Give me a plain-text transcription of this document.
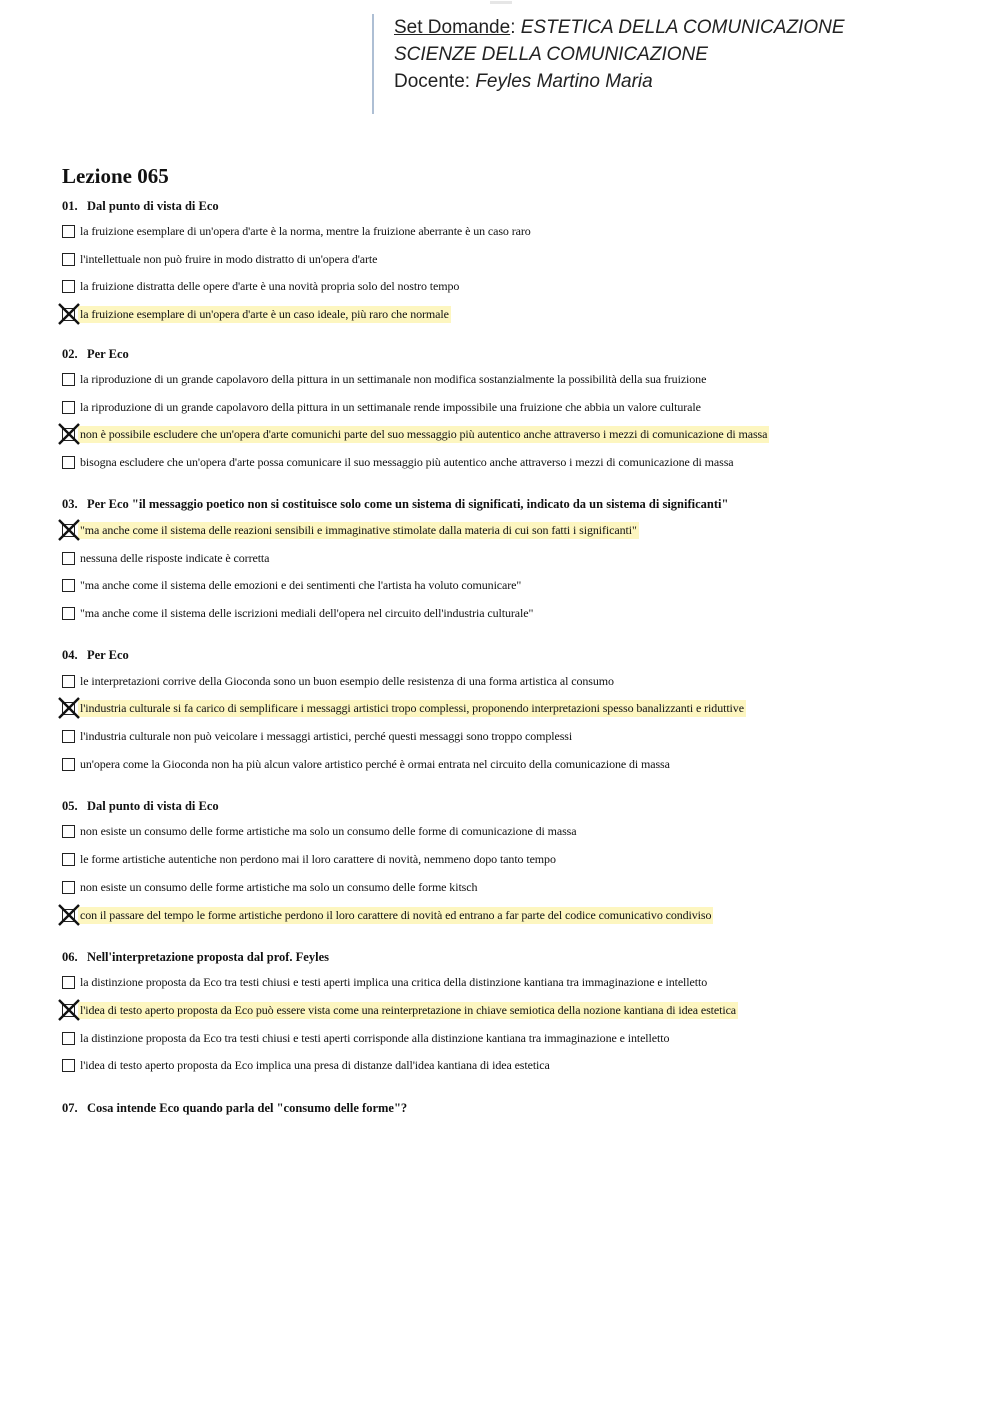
Set Domande: ESTETICA DELLA COMUNICAZIONE
SCIENZE DELLA COMUNICAZIONE
Docente: Feyles Martino Maria
Lezione 065
01. Dal punto di vista di Eco
la fruizione esemplare di un'opera d'arte è la norma, mentre la fruizione aberrante è un caso raro
l'intellettuale non può fruire in modo distratto di un'opera d'arte
la fruizione distratta delle opere d'arte è una novità propria solo del nostro tempo
la fruizione esemplare di un'opera d'arte è un caso ideale, più raro che normale
02. Per Eco
la riproduzione di un grande capolavoro della pittura in un settimanale non modifica sostanzialmente la possibilità della sua fruizione
la riproduzione di un grande capolavoro della pittura in un settimanale rende impossibile una fruizione che abbia un valore culturale
non è possibile escludere che un'opera d'arte comunichi parte del suo messaggio più autentico anche attraverso i mezzi di comunicazione di massa
bisogna escludere che un'opera d'arte possa comunicare il suo messaggio più autentico anche attraverso i mezzi di comunicazione di massa
03. Per Eco "il messaggio poetico non si costituisce solo come un sistema di significati, indicato da un sistema di significanti"
"ma anche come il sistema delle reazioni sensibili e immaginative stimolate dalla materia di cui son fatti i significanti"
nessuna delle risposte indicate è corretta
"ma anche come il sistema delle emozioni e dei sentimenti che l'artista ha voluto comunicare"
"ma anche come il sistema delle iscrizioni mediali dell'opera nel circuito dell'industria culturale"
04. Per Eco
le interpretazioni corrive della Gioconda sono un buon esempio delle resistenza di una forma artistica al consumo
l'industria culturale si fa carico di semplificare i messaggi artistici tropo complessi, proponendo interpretazioni spesso banalizzanti e riduttive
l'industria culturale non può veicolare i messaggi artistici, perché questi messaggi sono troppo complessi
un'opera come la Gioconda non ha più alcun valore artistico perché è ormai entrata nel circuito della comunicazione di massa
05. Dal punto di vista di Eco
non esiste un consumo delle forme artistiche ma solo un consumo delle forme di comunicazione di massa
le forme artistiche autentiche non perdono mai il loro carattere di novità, nemmeno dopo tanto tempo
non esiste un consumo delle forme artistiche ma solo un consumo delle forme kitsch
con il passare del tempo le forme artistiche perdono il loro carattere di novità ed entrano a far parte del codice comunicativo condiviso
06. Nell'interpretazione proposta dal prof. Feyles
la distinzione proposta da Eco tra testi chiusi e testi aperti implica una critica della distinzione kantiana tra immaginazione e intelletto
l'idea di testo aperto proposta da Eco può essere vista come una reinterpretazione in chiave semiotica della nozione kantiana di idea estetica
la distinzione proposta da Eco tra testi chiusi e testi aperti corrisponde alla distinzione kantiana tra immaginazione e intelletto
l'idea di testo aperto proposta da Eco implica una presa di distanze dall'idea kantiana di idea estetica
07. Cosa intende Eco quando parla del "consumo delle forme"?
